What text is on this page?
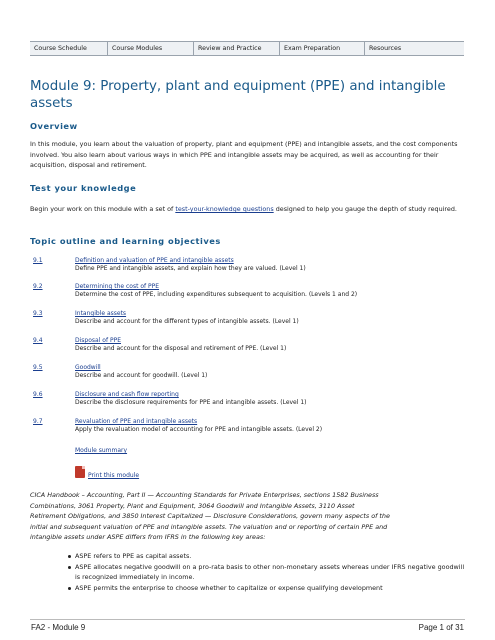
Course Schedule	Course Modules	Review and Practice	Exam Preparation	Resources
Module 9: Property, plant and equipment (PPE) and intangible assets
Overview

In this module, you learn about the valuation of property, plant and equipment (PPE) and intangible assets, and the cost components involved. You also learn about various ways in which PPE and intangible assets may be acquired, as well as accounting for their acquisition, disposal and retirement.

Test your knowledge

Begin your work on this module with a set of test-your-knowledge questions designed to help you gauge the depth of study required.

Topic outline and learning objectives
9.1	Definition and valuation of PPE and intangible assets
Define PPE and intangible assets, and explain how they are valued. (Level 1)
9.2	Determining the cost of PPE
Determine the cost of PPE, including expenditures subsequent to acquisition. (Levels 1 and 2)
9.3	Intangible assets
Describe and account for the different types of intangible assets. (Level 1)
9.4	Disposal of PPE
Describe and account for the disposal and retirement of PPE. (Level 1)
9.5	Goodwill
Describe and account for goodwill. (Level 1)
9.6	Disclosure and cash flow reporting
Describe the disclosure requirements for PPE and intangible assets. (Level 1)
9.7	Revaluation of PPE and intangible assets
Apply the revaluation model of accounting for PPE and intangible assets. (Level 2)
Module summary
Print this module
CICA Handbook – Accounting, Part II — Accounting Standards for Private Enterprises, sections 1582 Business
Combinations, 3061 Property, Plant and Equipment, 3064 Goodwill and Intangible Assets, 3110 Asset
Retirement Obligations, and 3850 Interest Capitalized — Disclosure Considerations, govern many aspects of the
initial and subsequent valuation of PPE and intangible assets. The valuation and or reporting of certain PPE and
intangible assets under ASPE differs from IFRS in the following key areas:
ASPE refers to PPE as capital assets.
ASPE allocates negative goodwill on a pro-rata basis to other non-monetary assets whereas under IFRS negative goodwill is recognized immediately in income.
ASPE permits the enterprise to choose whether to capitalize or expense qualifying development
FA2 - Module 9	Page 1 of 31
